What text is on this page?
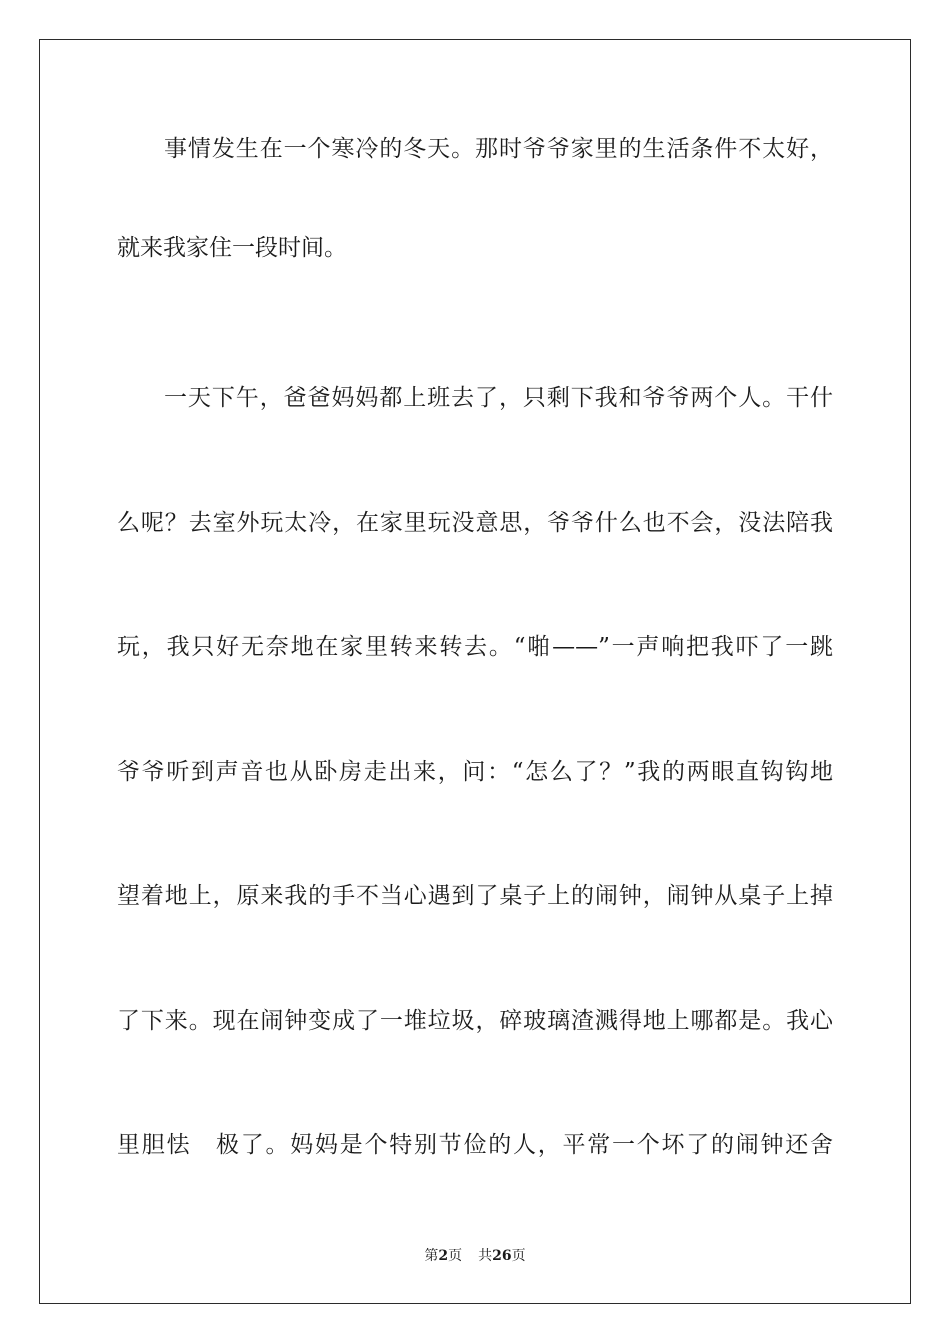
事情发生在一个寒冷的冬天。那时爷爷家里的生活条件不太好，
就来我家住一段时间。
一天下午，爸爸妈妈都上班去了，只剩下我和爷爷两个人。干什
么呢？去室外玩太冷，在家里玩没意思，爷爷什么也不会，没法陪我
玩，我只好无奈地在家里转来转去。“啪——”一声响把我吓了一跳
爷爷听到声音也从卧房走出来，问：“怎么了？”我的两眼直钩钩地
望着地上，原来我的手不当心遇到了桌子上的闹钟，闹钟从桌子上掉
了下来。现在闹钟变成了一堆垃圾，碎玻璃渣溅得地上哪都是。我心
里胆怯　极了。妈妈是个特别节俭的人，平常一个坏了的闹钟还舍
第2页 共26页
